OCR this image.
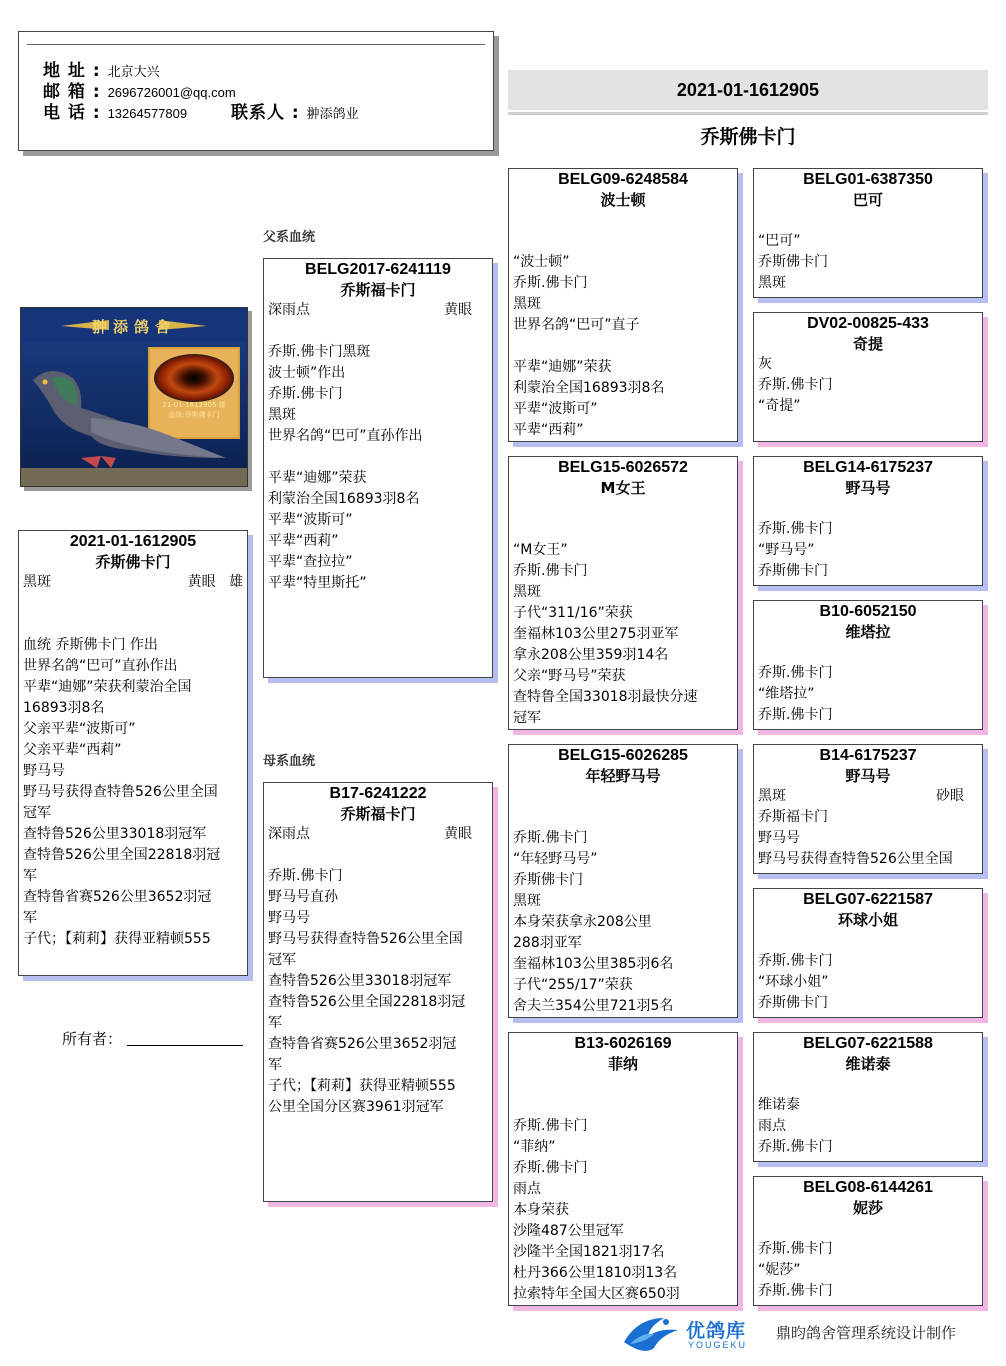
地 址 : 北京大兴
邮 箱 : 2696726001@qq.com
电 话 : 13264577809	联系人 : 翀添鸽业
2021-01-1612905
乔斯佛卡门
翀添鸽舍
21-01-1612905 雄
血统:乔斯佛卡门
2021-01-1612905
乔斯佛卡门
黑斑	黄眼 雄

血统 乔斯佛卡门 作出
世界名鸽“巴可”直孙作出
平辈“迪娜”荣获利蒙治全国
16893羽8名
父亲平辈“波斯可”
父亲平辈“西莉”
野马号
野马号获得查特鲁526公里全国
冠军
查特鲁526公里33018羽冠军
查特鲁526公里全国22818羽冠
军
查特鲁省赛526公里3652羽冠
军
子代；【莉莉】获得亚精顿555
所有者：
父系血统
母系血统
BELG2017-6241119
乔斯福卡门
深雨点	黄眼

乔斯.佛卡门黑斑
波士顿”作出
乔斯.佛卡门
黑斑
世界名鸽“巴可”直孙作出

平辈“迪娜”荣获
利蒙治全国16893羽8名
平辈“波斯可”
平辈“西莉”
平辈“查拉拉”
平辈“特里斯托”
B17-6241222
乔斯福卡门
深雨点	黄眼

乔斯.佛卡门
野马号直孙
野马号
野马号获得查特鲁526公里全国
冠军
查特鲁526公里33018羽冠军
查特鲁526公里全国22818羽冠
军
查特鲁省赛526公里3652羽冠
军
子代；【莉莉】获得亚精顿555
公里全国分区赛3961羽冠军
BELG09-6248584
波士顿

“波士顿”
乔斯.佛卡门
黑斑
世界名鸽“巴可”直子

平辈“迪娜”荣获
利蒙治全国16893羽8名
平辈“波斯可”
平辈“西莉”
BELG15-6026572
M女王

“M女王”
乔斯.佛卡门
黑斑
子代“311/16”荣获
奎福林103公里275羽亚军
拿永208公里359羽14名
父亲“野马号”荣获
查特鲁全国33018羽最快分速
冠军
BELG15-6026285
年轻野马号

乔斯.佛卡门
“年轻野马号”
乔斯佛卡门
黑斑
本身荣获拿永208公里
288羽亚军
奎福林103公里385羽6名
子代“255/17”荣获
舍夫兰354公里721羽5名
B13-6026169
菲纳

乔斯.佛卡门
“菲纳”
乔斯.佛卡门
雨点
本身荣获
沙隆487公里冠军
沙隆半全国1821羽17名
杜丹366公里1810羽13名
拉索特年全国大区赛650羽
BELG01-6387350
巴可

“巴可”
乔斯佛卡门
黑斑
DV02-00825-433
奇提
灰
乔斯.佛卡门
“奇提”
BELG14-6175237
野马号

乔斯.佛卡门
“野马号”
乔斯佛卡门
B10-6052150
维塔拉

乔斯.佛卡门
“维塔拉”
乔斯.佛卡门
B14-6175237
野马号
黑斑	砂眼
乔斯福卡门
野马号
野马号获得查特鲁526公里全国
BELG07-6221587
环球小姐

乔斯.佛卡门
“环球小姐”
乔斯佛卡门
BELG07-6221588
维诺泰

维诺泰
雨点
乔斯.佛卡门
BELG08-6144261
妮莎

乔斯.佛卡门
“妮莎”
乔斯.佛卡门
优鸽库
YOUGEKU
鼎昀鸽舍管理系统设计制作
